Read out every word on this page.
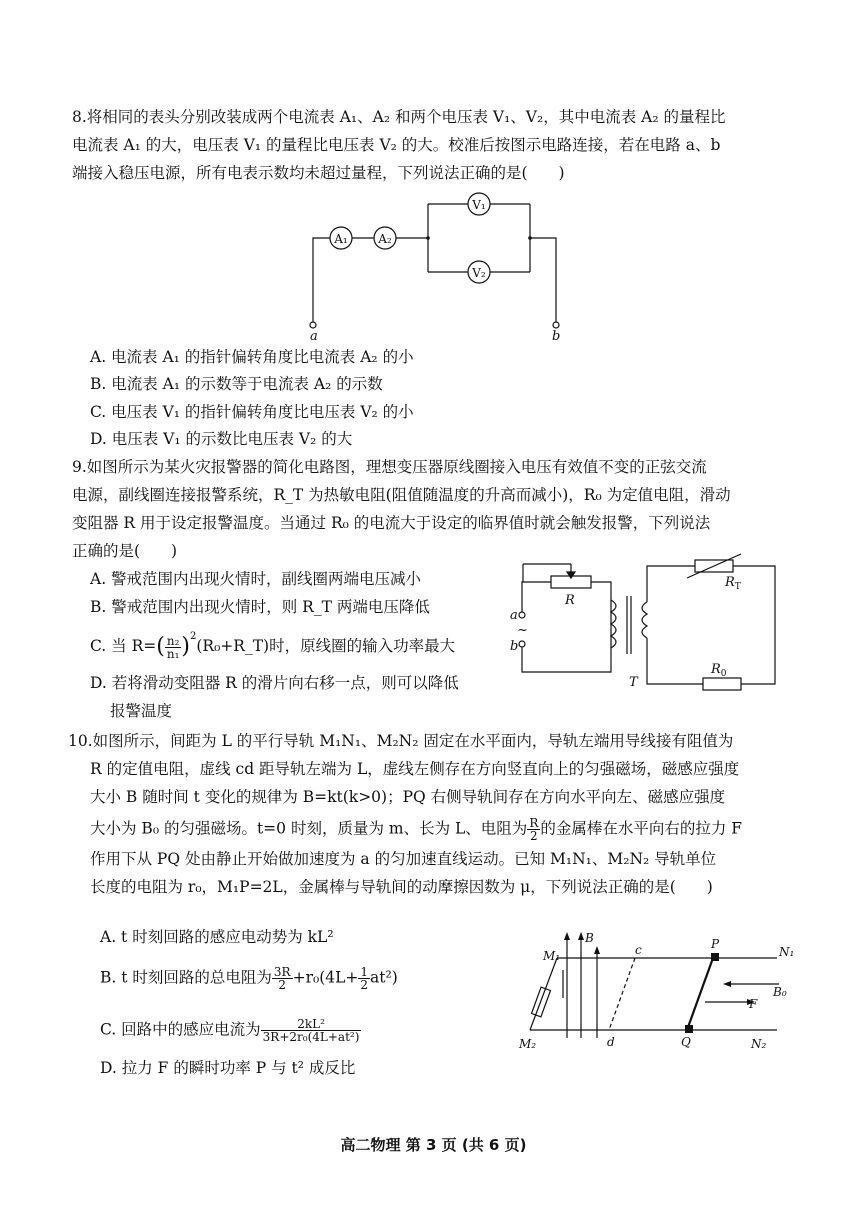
8.将相同的表头分别改装成两个电流表 A₁、A₂ 和两个电压表 V₁、V₂，其中电流表 A₂ 的量程比
电流表 A₁ 的大，电压表 V₁ 的量程比电压表 V₂ 的大。校准后按图示电路连接，若在电路 a、b
端接入稳压电源，所有电表示数均未超过量程，下列说法正确的是(　　)
A₁	A₂
V₁
V₂
a	b
A. 电流表 A₁ 的指针偏转角度比电流表 A₂ 的小
B. 电流表 A₁ 的示数等于电流表 A₂ 的示数
C. 电压表 V₁ 的指针偏转角度比电压表 V₂ 的小
D. 电压表 V₁ 的示数比电压表 V₂ 的大
9.如图所示为某火灾报警器的简化电路图，理想变压器原线圈接入电压有效值不变的正弦交流
电源，副线圈连接报警系统，R_T 为热敏电阻(阻值随温度的升高而减小)，R₀ 为定值电阻，滑动
变阻器 R 用于设定报警温度。当通过 R₀ 的电流大于设定的临界值时就会触发报警，下列说法
正确的是(　　)
A. 警戒范围内出现火情时，副线圈两端电压减小
B. 警戒范围内出现火情时，则 R_T 两端电压降低
C. 当 $R=( \frac{\text{n₂}}{\text{n₁}}$ )$^2(R_0+R\_T)$时，原线圈的输入功率最大
D. 若将滑动变阻器 R 的滑片向右移一点，则可以降低
报警温度
R
$R_T$
$R_0$
a
~
b
T
10.如图所示，间距为 L 的平行导轨 M₁N₁、M₂N₂ 固定在水平面内，导轨左端用导线接有阻值为
R 的定值电阻，虚线 cd 距导轨左端为 L，虚线左侧存在方向竖直向上的匀强磁场，磁感应强度
大小 B 随时间 t 变化的规律为 B=kt(k>0)；PQ 右侧导轨间存在方向水平向左、磁感应强度
大小为 B₀ 的匀强磁场。t=0 时刻，质量为 m、长为 L、电阻为 $\frac{R}{2}$ 的金属棒在水平向右的拉力 F
作用下从 PQ 处由静止开始做加速度为 a 的匀加速直线运动。已知 M₁N₁、M₂N₂ 导轨单位
长度的电阻为 r₀，M₁P=2L，金属棒与导轨间的动摩擦因数为 μ，下列说法正确的是(　　)
A. t 时刻回路的感应电动势为 kL²
B. t 时刻回路的总电阻为 $\frac{3R}{2} +r_0(4L+ \frac{1}{2} at^2)$
C. 回路中的感应电流为 $\frac{\text{2kL²}}{\text{3R+2r₀(4L+at²)}}$
D. 拉力 F 的瞬时功率 P 与 t² 成反比
M₁
M₂
N₁
N₂
B
c
d
P
Q
B₀
F
高二物理 第 3 页 (共 6 页)
